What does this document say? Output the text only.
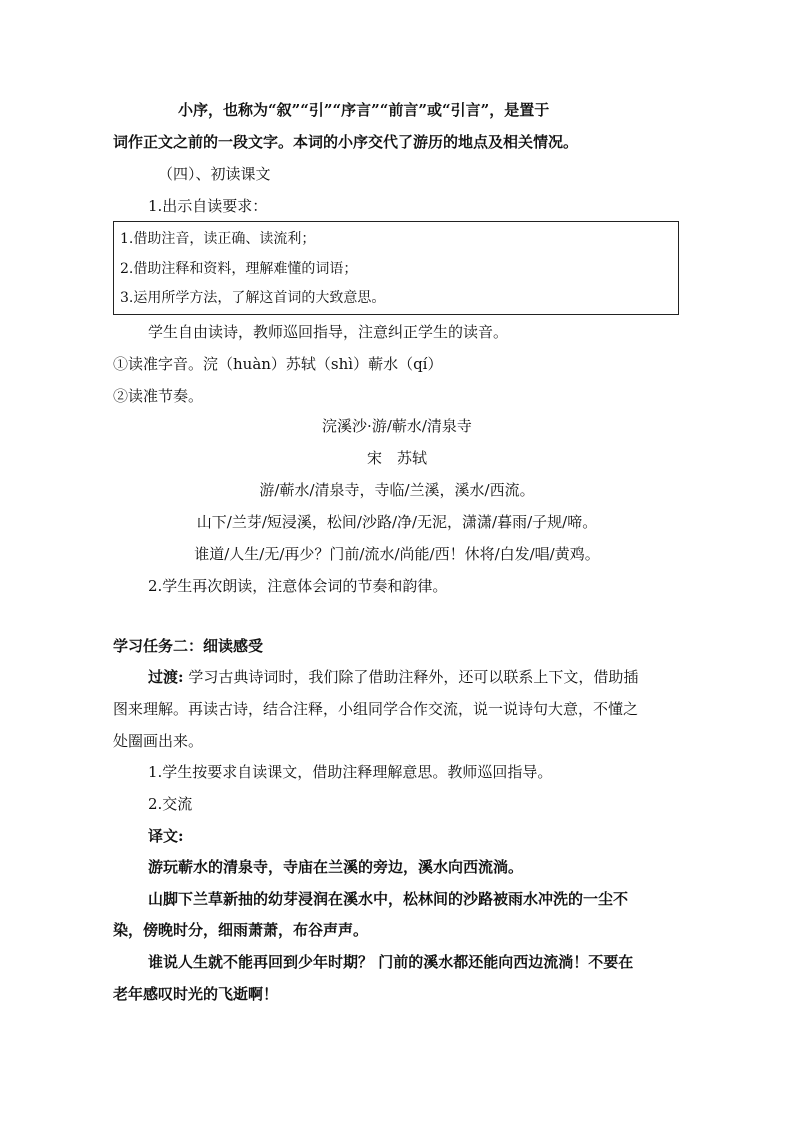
小序，也称为“叙”“引”“序言”“前言”或“引言”，是置于
词作正文之前的一段文字。本词的小序交代了游历的地点及相关情况。
（四）、初读课文
1.出示自读要求：
1.借助注音，读正确、读流利；
2.借助注释和资料，理解难懂的词语；
3.运用所学方法，了解这首词的大致意思。
学生自由读诗，教师巡回指导，注意纠正学生的读音。
①读准字音。浣（huàn）苏轼（shì）蕲水（qí）
②读准节奏。
浣溪沙·游/蕲水/清泉寺
宋　苏轼
游/蕲水/清泉寺，寺临/兰溪，溪水/西流。
山下/兰芽/短浸溪，松间/沙路/净/无泥，潇潇/暮雨/子规/啼。
谁道/人生/无/再少？门前/流水/尚能/西！休将/白发/唱/黄鸡。
2.学生再次朗读，注意体会词的节奏和韵律。
学习任务二：细读感受
过渡: 学习古典诗词时，我们除了借助注释外，还可以联系上下文，借助插
图来理解。再读古诗，结合注释，小组同学合作交流，说一说诗句大意，不懂之
处圈画出来。
1.学生按要求自读课文，借助注释理解意思。教师巡回指导。
2.交流
译文:
游玩蕲水的清泉寺，寺庙在兰溪的旁边，溪水向西流淌。
山脚下兰草新抽的幼芽浸润在溪水中，松林间的沙路被雨水冲洗的一尘不
染，傍晚时分，细雨萧萧，布谷声声。
谁说人生就不能再回到少年时期？ 门前的溪水都还能向西边流淌！不要在
老年感叹时光的飞逝啊！
